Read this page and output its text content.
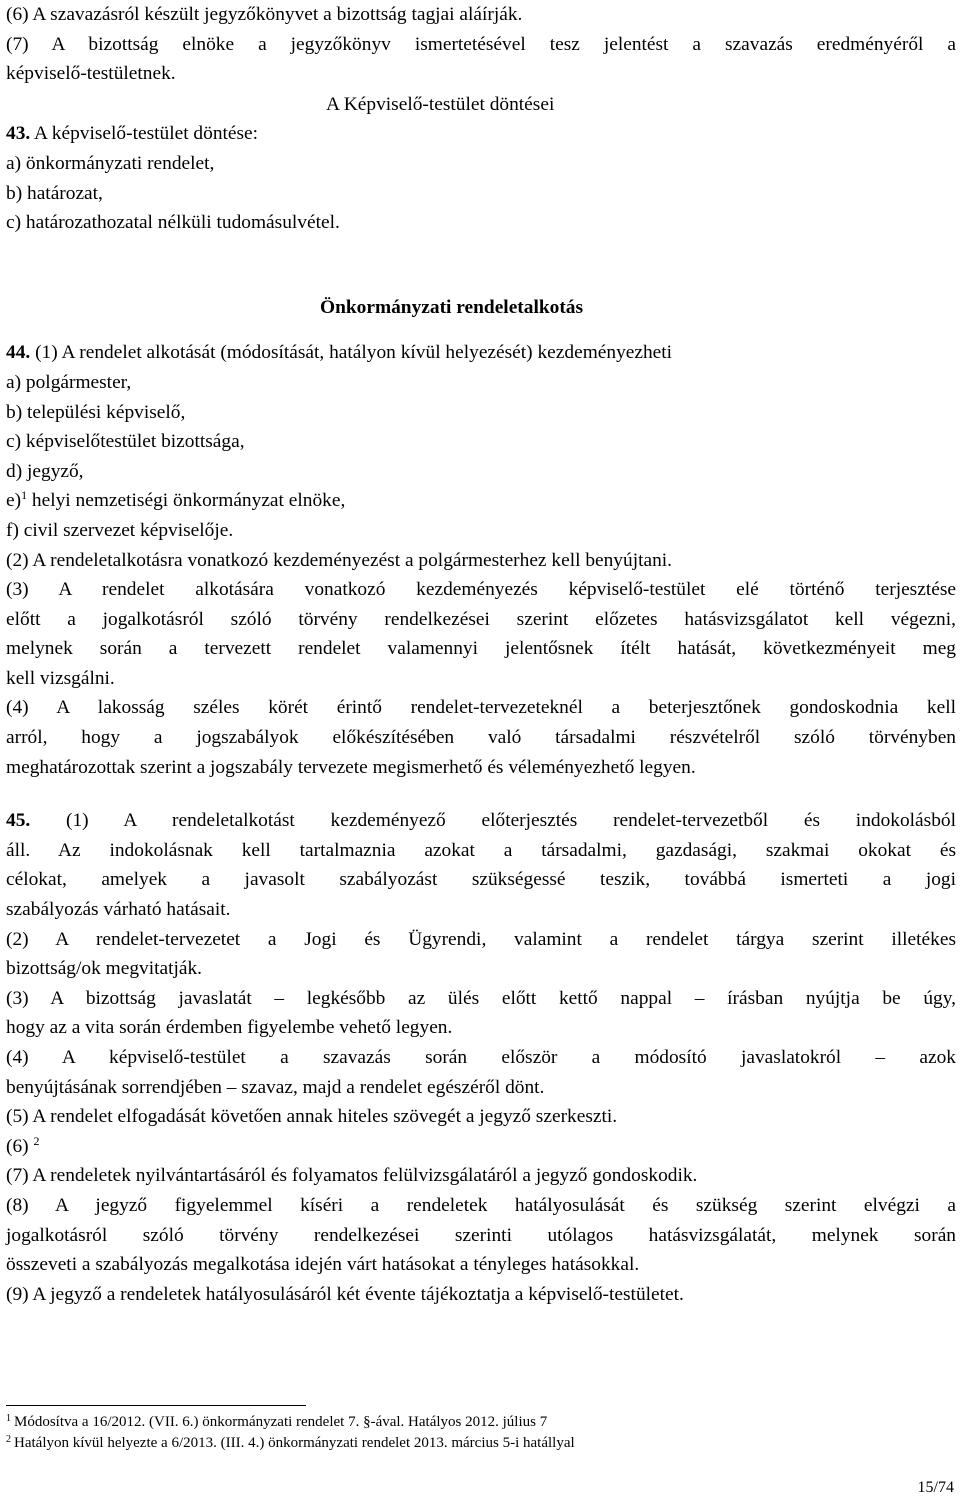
(6) A szavazásról készült jegyzőkönyvet a bizottság tagjai aláírják.

(7) A bizottság elnöke a jegyzőkönyv ismertetésével tesz jelentést a szavazás eredményéről a

képviselő-testületnek.

A Képviselő-testület döntései

43. A képviselő-testület döntése:

a) önkormányzati rendelet,

b) határozat,

c) határozathozatal nélküli tudomásulvétel.

Önkormányzati rendeletalkotás

44. (1) A rendelet alkotását (módosítását, hatályon kívül helyezését) kezdeményezheti

a) polgármester,

b) települési képviselő,

c) képviselőtestület bizottsága,

d) jegyző,

e)$^1$ helyi nemzetiségi önkormányzat elnöke,

f) civil szervezet képviselője.

(2) A rendeletalkotásra vonatkozó kezdeményezést a polgármesterhez kell benyújtani.

(3) A rendelet alkotására vonatkozó kezdeményezés képviselő-testület elé történő terjesztése

előtt a jogalkotásról szóló törvény rendelkezései szerint előzetes hatásvizsgálatot kell végezni,

melynek során a tervezett rendelet valamennyi jelentősnek ítélt hatását, következményeit meg

kell vizsgálni.

(4) A lakosság széles körét érintő rendelet-tervezeteknél a beterjesztőnek gondoskodnia kell

arról, hogy a jogszabályok előkészítésében való társadalmi részvételről szóló törvényben

meghatározottak szerint a jogszabály tervezete megismerhető és véleményezhető legyen.

45. (1) A rendeletalkotást kezdeményező előterjesztés rendelet-tervezetből és indokolásból

áll. Az indokolásnak kell tartalmaznia azokat a társadalmi, gazdasági, szakmai okokat és

célokat, amelyek a javasolt szabályozást szükségessé teszik, továbbá ismerteti a jogi

szabályozás várható hatásait.

(2) A rendelet-tervezetet a Jogi és Ügyrendi, valamint a rendelet tárgya szerint illetékes

bizottság/ok megvitatják.

(3) A bizottság javaslatát – legkésőbb az ülés előtt kettő nappal – írásban nyújtja be úgy,

hogy az a vita során érdemben figyelembe vehető legyen.

(4) A képviselő-testület a szavazás során először a módosító javaslatokról – azok

benyújtásának sorrendjében – szavaz, majd a rendelet egészéről dönt.

(5) A rendelet elfogadását követően annak hiteles szövegét a jegyző szerkeszti.

(6) $^2$

(7) A rendeletek nyilvántartásáról és folyamatos felülvizsgálatáról a jegyző gondoskodik.

(8) A jegyző figyelemmel kíséri a rendeletek hatályosulását és szükség szerint elvégzi a

jogalkotásról szóló törvény rendelkezései szerinti utólagos hatásvizsgálatát, melynek során

összeveti a szabályozás megalkotása idején várt hatásokat a tényleges hatásokkal.

(9) A jegyző a rendeletek hatályosulásáról két évente tájékoztatja a képviselő-testületet.

$^1$ Módosítva a 16/2012. (VII. 6.) önkormányzati rendelet 7. §-ával. Hatályos 2012. július 7

$^2$ Hatályon kívül helyezte a 6/2013. (III. 4.) önkormányzati rendelet 2013. március 5-i hatállyal

15/74
